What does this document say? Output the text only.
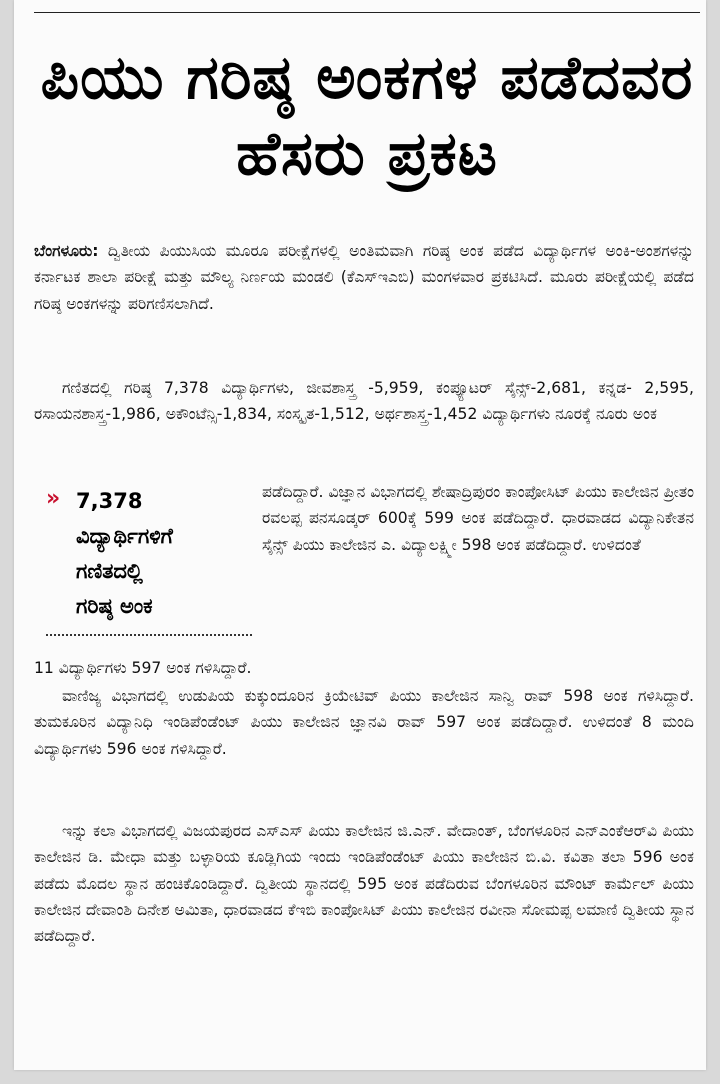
ಪಿಯು ಗರಿಷ್ಠ ಅಂಕಗಳ ಪಡೆದವರ ಹೆಸರು ಪ್ರಕಟ

ಬೆಂಗಳೂರು: ದ್ವಿತೀಯ ಪಿಯುಸಿಯ ಮೂರೂ ಪರೀಕ್ಷೆಗಳಲ್ಲಿ ಅಂತಿಮವಾಗಿ ಗರಿಷ್ಠ ಅಂಕ ಪಡೆದ ವಿದ್ಯಾರ್ಥಿಗಳ ಅಂಕಿ-ಅಂಶಗಳನ್ನು ಕರ್ನಾಟಕ ಶಾಲಾ ಪರೀಕ್ಷೆ ಮತ್ತು ಮೌಲ್ಯ ನಿರ್ಣಯ ಮಂಡಲಿ (ಕೆಎಸ್‌ಇಎಬಿ) ಮಂಗಳವಾರ ಪ್ರಕಟಿಸಿದೆ. ಮೂರು ಪರೀಕ್ಷೆಯಲ್ಲಿ ಪಡೆದ ಗರಿಷ್ಠ ಅಂಕಗಳನ್ನು ಪರಿಗಣಿಸಲಾಗಿದೆ.

ಗಣಿತದಲ್ಲಿ ಗರಿಷ್ಠ 7,378 ವಿದ್ಯಾರ್ಥಿಗಳು, ಜೀವಶಾಸ್ತ್ರ -5,959, ಕಂಪ್ಯೂಟರ್ ಸೈನ್ಸ್-2,681, ಕನ್ನಡ- 2,595, ರಸಾಯನಶಾಸ್ತ್ರ-1,986, ಅಕೌಂಟೆನ್ಸಿ-1,834, ಸಂಸ್ಕೃತ-1,512, ಅರ್ಥಶಾಸ್ತ್ರ-1,452 ವಿದ್ಯಾರ್ಥಿಗಳು ನೂರಕ್ಕೆ ನೂರು ಅಂಕ

» 7,378
ವಿದ್ಯಾರ್ಥಿಗಳಿಗೆ
ಗಣಿತದಲ್ಲಿ
ಗರಿಷ್ಠ ಅಂಕ

ಪಡೆದಿದ್ದಾರೆ. ವಿಜ್ಞಾನ ವಿಭಾಗದಲ್ಲಿ ಶೇಷಾದ್ರಿಪುರಂ ಕಾಂಪೋಸಿಟ್ ಪಿಯು ಕಾಲೇಜಿನ ಪ್ರೀತಂ ರವಲಪ್ಪ ಪನಸೂಡ್ಕರ್ 600ಕ್ಕೆ 599 ಅಂಕ ಪಡೆದಿದ್ದಾರೆ. ಧಾರವಾಡದ ವಿದ್ಯಾನಿಕೇತನ ಸೈನ್ಸ್ ಪಿಯು ಕಾಲೇಜಿನ ಎ. ವಿದ್ಯಾಲಕ್ಷ್ಮೀ 598 ಅಂಕ ಪಡೆದಿದ್ದಾರೆ. ಉಳಿದಂತೆ

11 ವಿದ್ಯಾರ್ಥಿಗಳು 597 ಅಂಕ ಗಳಿಸಿದ್ದಾರೆ.

ವಾಣಿಜ್ಯ ವಿಭಾಗದಲ್ಲಿ ಉಡುಪಿಯ ಕುಕ್ಕುಂದೂರಿನ ಕ್ರಿಯೇಟಿವ್ ಪಿಯು ಕಾಲೇಜಿನ ಸಾನ್ವಿ ರಾವ್ 598 ಅಂಕ ಗಳಿಸಿದ್ದಾರೆ. ತುಮಕೂರಿನ ವಿದ್ಯಾನಿಧಿ ಇಂಡಿಪೆಂಡೆಂಟ್ ಪಿಯು ಕಾಲೇಜಿನ ಜ್ಞಾನವಿ ರಾವ್ 597 ಅಂಕ ಪಡೆದಿದ್ದಾರೆ. ಉಳಿದಂತೆ 8 ಮಂದಿ ವಿದ್ಯಾರ್ಥಿಗಳು 596 ಅಂಕ ಗಳಿಸಿದ್ದಾರೆ.

ಇನ್ನು ಕಲಾ ವಿಭಾಗದಲ್ಲಿ ವಿಜಯಪುರದ ಎಸ್‌ಎಸ್ ಪಿಯು ಕಾಲೇಜಿನ ಜಿ.ಎನ್. ವೇದಾಂತ್, ಬೆಂಗಳೂರಿನ ಎನ್‌ಎಂಕೆಆರ್‌ವಿ ಪಿಯು ಕಾಲೇಜಿನ ಡಿ. ಮೇಧಾ ಮತ್ತು ಬಳ್ಳಾರಿಯ ಕೂಡ್ಲಿಗಿಯ ಇಂದು ಇಂಡಿಪೆಂಡೆಂಟ್ ಪಿಯು ಕಾಲೇಜಿನ ಬಿ.ವಿ. ಕವಿತಾ ತಲಾ 596 ಅಂಕ ಪಡೆದು ಮೊದಲ ಸ್ಥಾನ ಹಂಚಿಕೊಂಡಿದ್ದಾರೆ. ದ್ವಿತೀಯ ಸ್ಥಾನದಲ್ಲಿ 595 ಅಂಕ ಪಡೆದಿರುವ ಬೆಂಗಳೂರಿನ ಮೌಂಟ್ ಕಾರ್ಮೆಲ್ ಪಿಯು ಕಾಲೇಜಿನ ದೇವಾಂಶಿ ದಿನೇಶ ಅಮಿತಾ, ಧಾರವಾಡದ ಕೆಇಬಿ ಕಾಂಪೋಸಿಟ್ ಪಿಯು ಕಾಲೇಜಿನ ರವೀನಾ ಸೋಮಪ್ಪ ಲಮಾಣಿ ದ್ವಿತೀಯ ಸ್ಥಾನ ಪಡೆದಿದ್ದಾರೆ.
